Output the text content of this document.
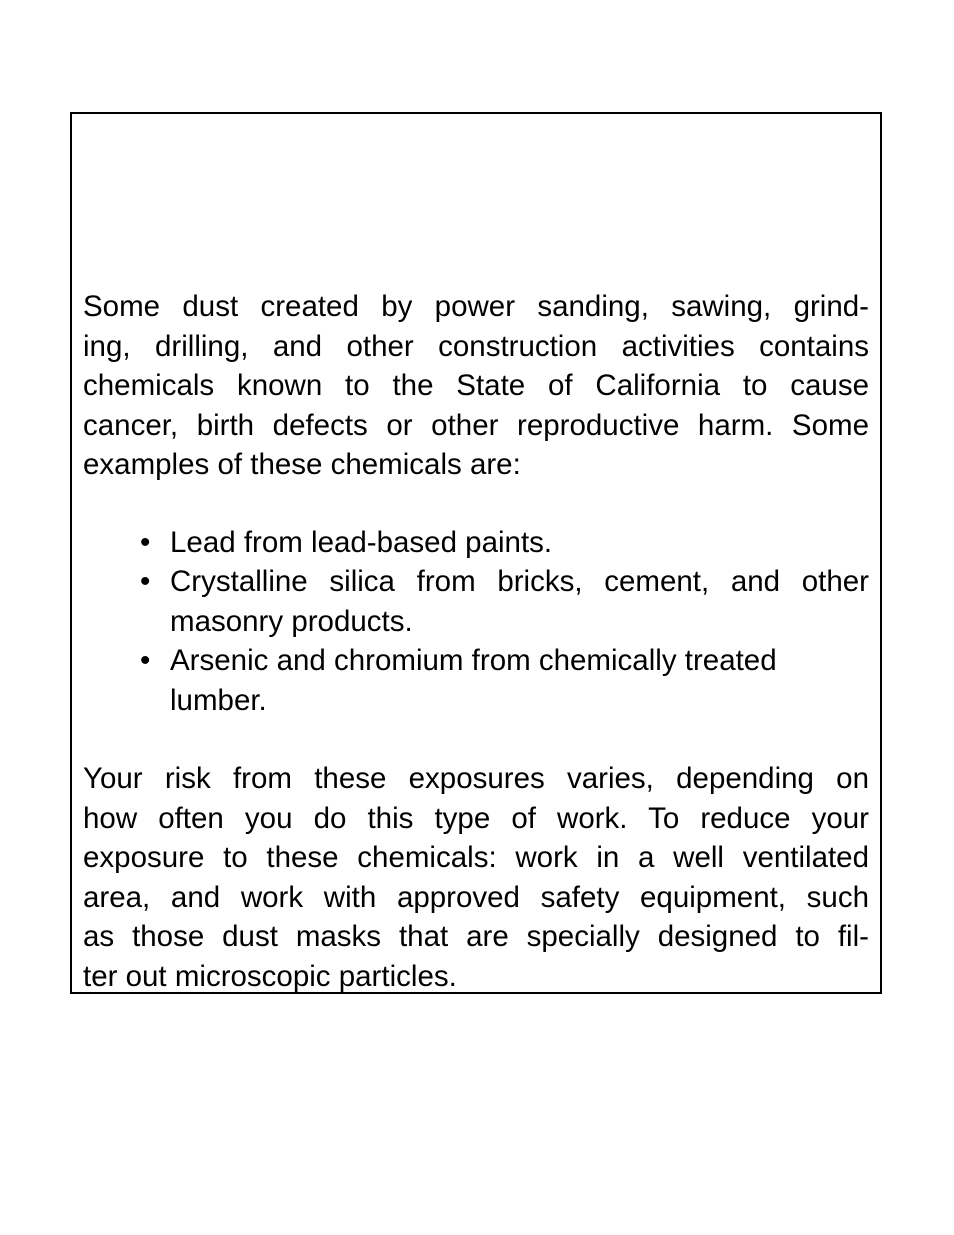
Some dust created by power sanding, sawing, grind-
ing, drilling, and other construction activities contains
chemicals known to the State of California to cause
cancer, birth defects or other reproductive harm. Some
examples of these chemicals are:

• Lead from lead-based paints.
• Crystalline silica from bricks, cement, and other
masonry products.
• Arsenic and chromium from chemically treated
lumber.

Your risk from these exposures varies, depending on
how often you do this type of work. To reduce your
exposure to these chemicals: work in a well ventilated
area, and work with approved safety equipment, such
as those dust masks that are specially designed to fil-
ter out microscopic particles.
